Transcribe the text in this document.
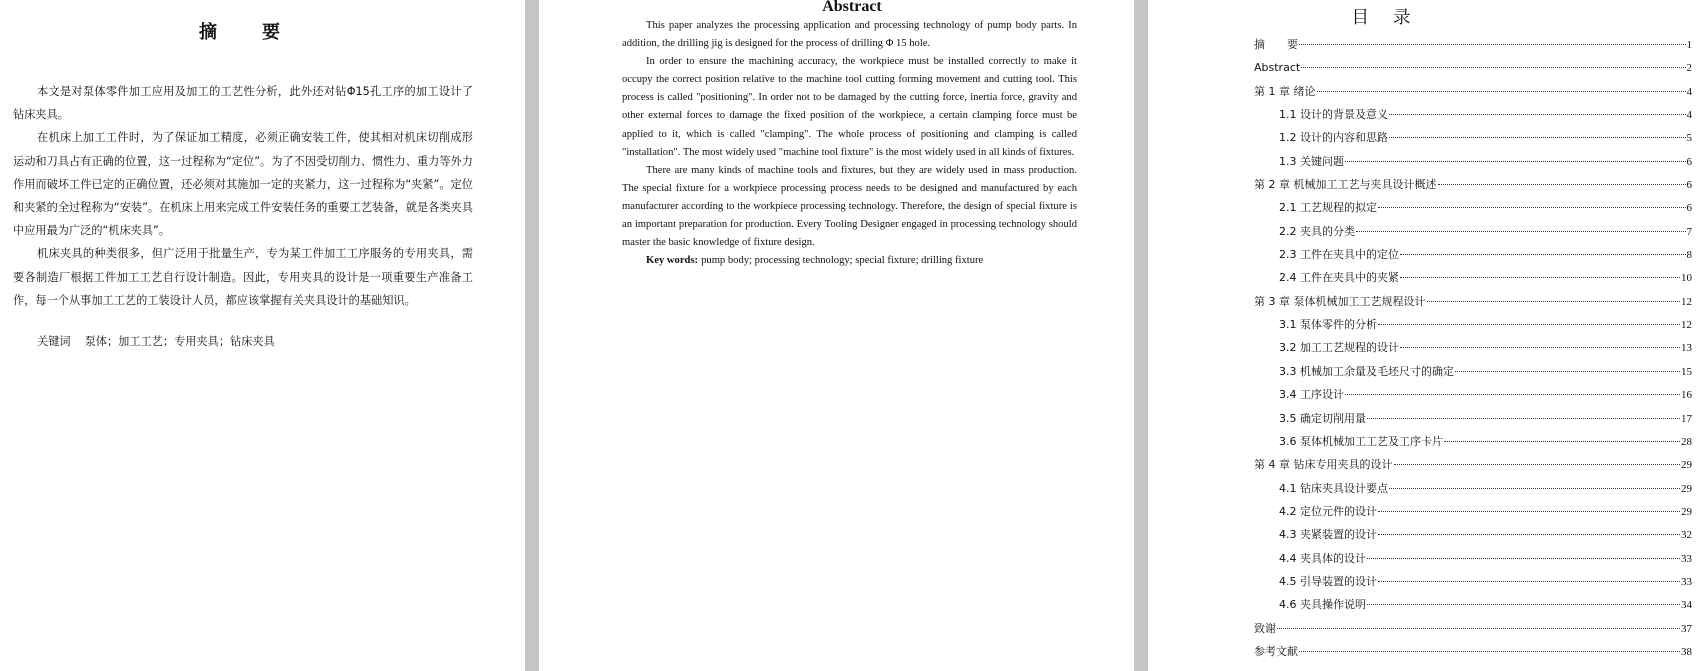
摘 要

本文是对泵体零件加工应用及加工的工艺性分析，此外还对钻Φ15孔工序的加工设计了钻床夹具。

在机床上加工工件时，为了保证加工精度，必须正确安装工件，使其相对机床切削成形运动和刀具占有正确的位置，这一过程称为“定位”。为了不因受切削力、惯性力、重力等外力作用而破坏工件已定的正确位置，还必须对其施加一定的夹紧力，这一过程称为“夹紧”。定位和夹紧的全过程称为“安装”。在机床上用来完成工件安装任务的重要工艺装备，就是各类夹具中应用最为广泛的“机床夹具”。

机床夹具的种类很多，但广泛用于批量生产，专为某工件加工工序服务的专用夹具，需要各制造厂根据工件加工工艺自行设计制造。因此，专用夹具的设计是一项重要生产准备工作，每一个从事加工工艺的工装设计人员，都应该掌握有关夹具设计的基础知识。

关键词 泵体；加工工艺；专用夹具；钻床夹具
Abstract

This paper analyzes the processing application and processing technology of pump body parts. In addition, the drilling jig is designed for the process of drilling Φ 15 hole.

In order to ensure the machining accuracy, the workpiece must be installed correctly to make it occupy the correct position relative to the machine tool cutting forming movement and cutting tool. This process is called "positioning". In order not to be damaged by the cutting force, inertia force, gravity and other external forces to damage the fixed position of the workpiece, a certain clamping force must be applied to it, which is called "clamping". The whole process of positioning and clamping is called "installation". The most widely used "machine tool fixture" is the most widely used in all kinds of fixtures.

There are many kinds of machine tools and fixtures, but they are widely used in mass production. The special fixture for a workpiece processing process needs to be designed and manufactured by each manufacturer according to the workpiece processing technology. Therefore, the design of special fixture is an important preparation for production. Every Tooling Designer engaged in processing technology should master the basic knowledge of fixture design.

Key words: pump body; processing technology; special fixture; drilling fixture

目 录
摘　　要	1
Abstract	2
第 1 章 绪论	4
1.1 设计的背景及意义	4
1.2 设计的内容和思路	5
1.3 关键问题	6
第 2 章 机械加工工艺与夹具设计概述	6
2.1 工艺规程的拟定	6
2.2 夹具的分类	7
2.3 工件在夹具中的定位	8
2.4 工件在夹具中的夹紧	10
第 3 章 泵体机械加工工艺规程设计	12
3.1 泵体零件的分析	12
3.2 加工工艺规程的设计	13
3.3 机械加工余量及毛坯尺寸的确定	15
3.4 工序设计	16
3.5 确定切削用量	17
3.6 泵体机械加工工艺及工序卡片	28
第 4 章 钻床专用夹具的设计	29
4.1 钻床夹具设计要点	29
4.2 定位元件的设计	29
4.3 夹紧装置的设计	32
4.4 夹具体的设计	33
4.5 引导装置的设计	33
4.6 夹具操作说明	34
致谢	37
参考文献	38
